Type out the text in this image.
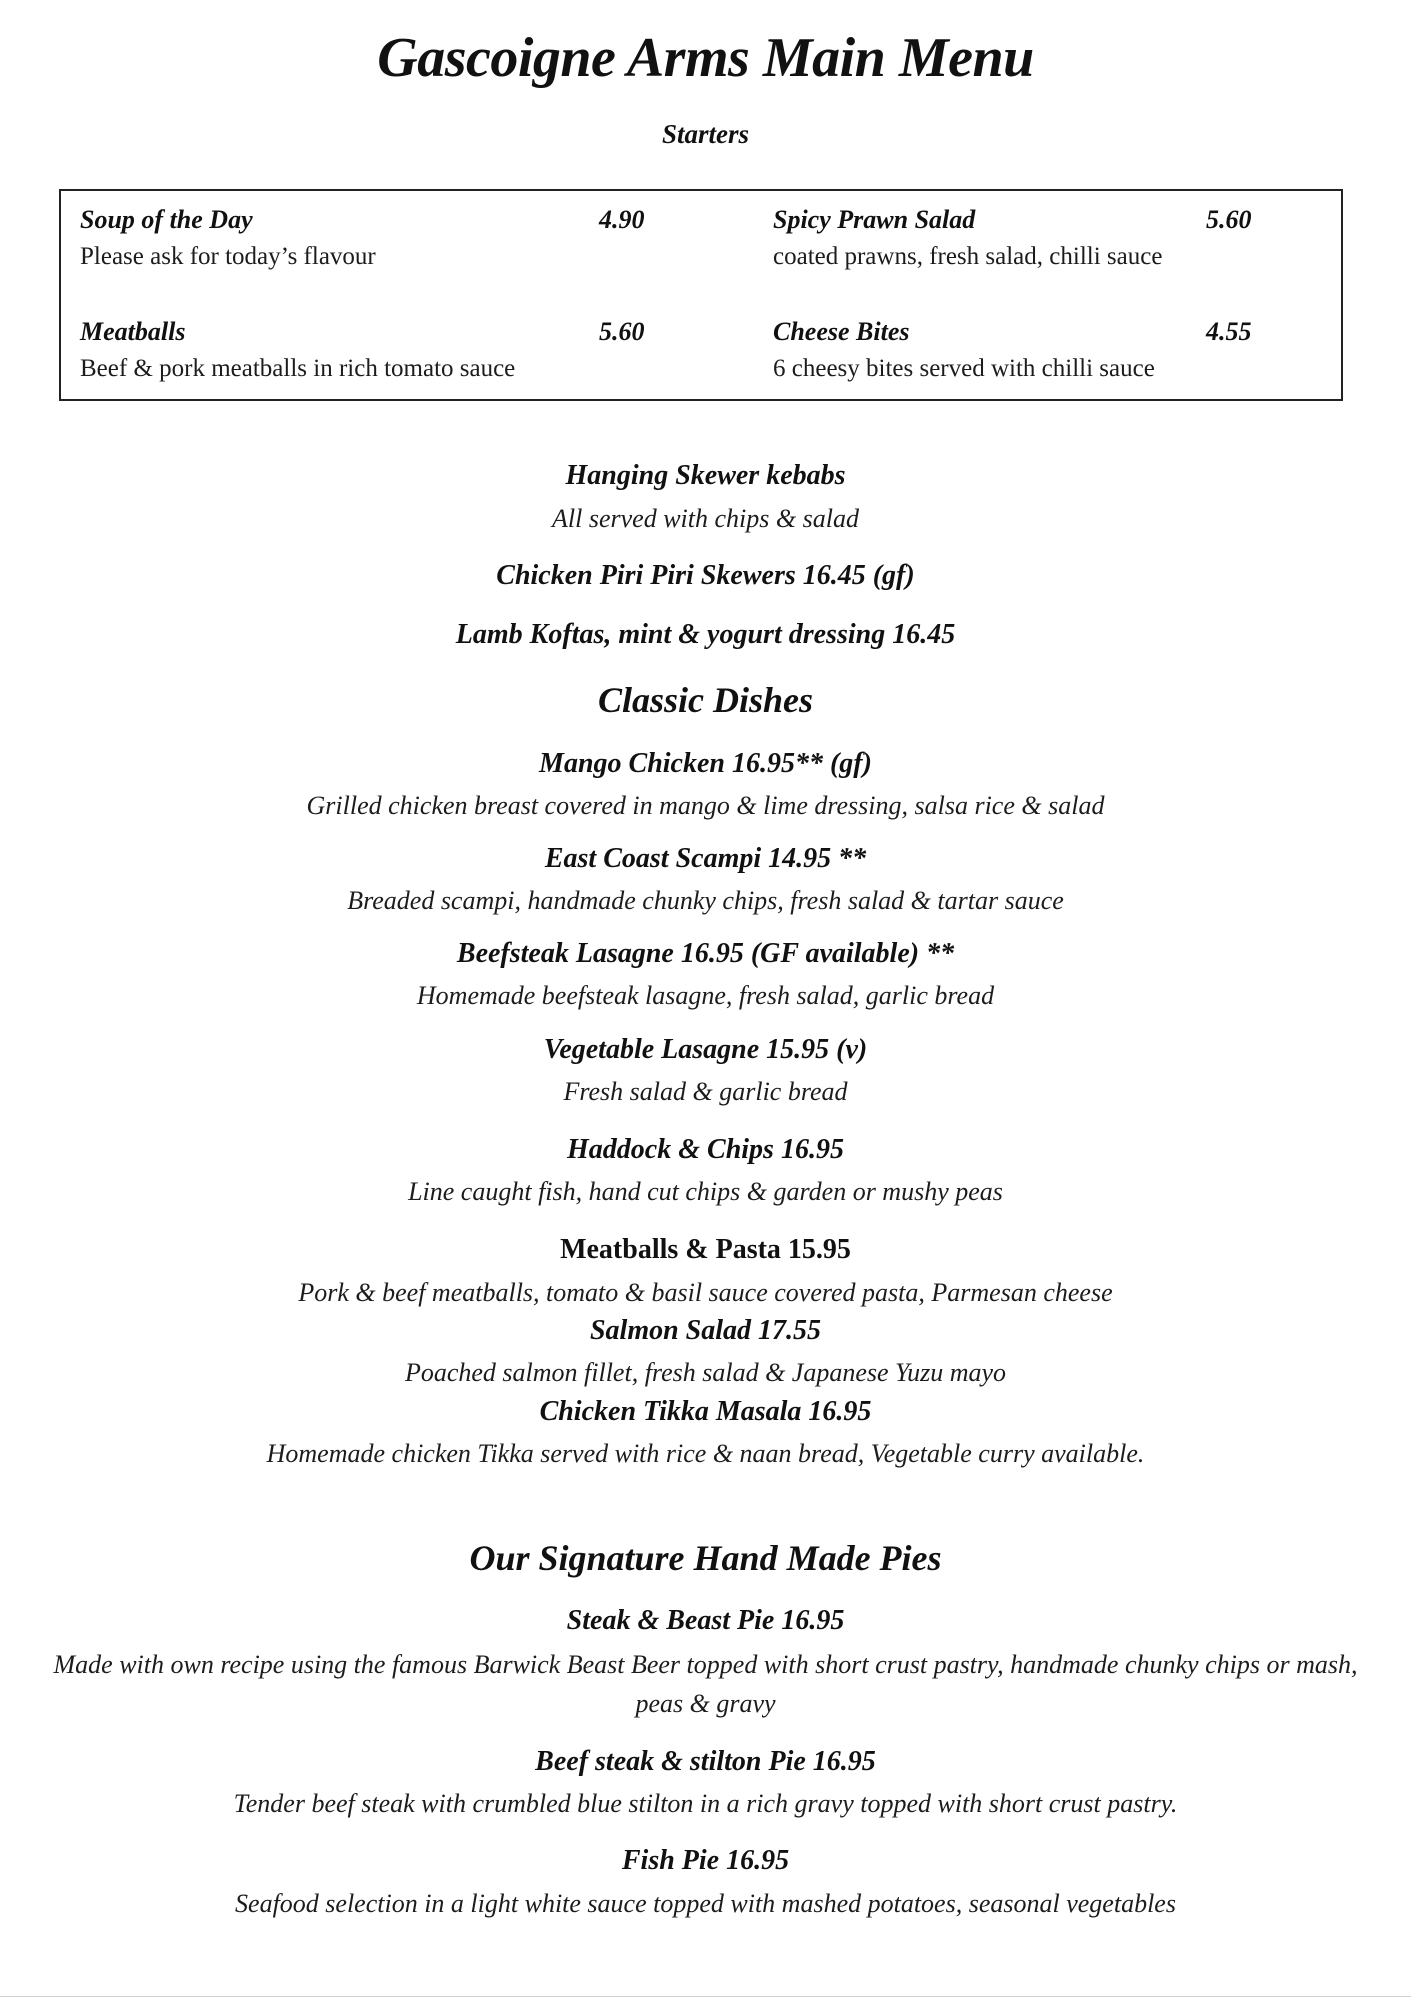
Gascoigne Arms Main Menu
Starters
Soup of the Day	4.90
Please ask for today’s flavour
Spicy Prawn Salad	5.60
coated prawns, fresh salad, chilli sauce
Meatballs	5.60
Beef & pork meatballs in rich tomato sauce
Cheese Bites	4.55
6 cheesy bites served with chilli sauce
Hanging Skewer kebabs
All served with chips & salad
Chicken Piri Piri Skewers 16.45 (gf)
Lamb Koftas, mint & yogurt dressing 16.45
Classic Dishes
Mango Chicken 16.95** (gf)
Grilled chicken breast covered in mango & lime dressing, salsa rice & salad
East Coast Scampi 14.95 **
Breaded scampi, handmade chunky chips, fresh salad & tartar sauce
Beefsteak Lasagne 16.95 (GF available) **
Homemade beefsteak lasagne, fresh salad, garlic bread
Vegetable Lasagne 15.95 (v)
Fresh salad & garlic bread
Haddock & Chips 16.95
Line caught fish, hand cut chips & garden or mushy peas
Meatballs & Pasta 15.95
Pork & beef meatballs, tomato & basil sauce covered pasta, Parmesan cheese
Salmon Salad 17.55
Poached salmon fillet, fresh salad & Japanese Yuzu mayo
Chicken Tikka Masala 16.95
Homemade chicken Tikka served with rice & naan bread, Vegetable curry available.
Our Signature Hand Made Pies
Steak & Beast Pie 16.95
Made with own recipe using the famous Barwick Beast Beer topped with short crust pastry, handmade chunky chips or mash, peas & gravy
Beef steak & stilton Pie 16.95
Tender beef steak with crumbled blue stilton in a rich gravy topped with short crust pastry.
Fish Pie 16.95
Seafood selection in a light white sauce topped with mashed potatoes, seasonal vegetables
